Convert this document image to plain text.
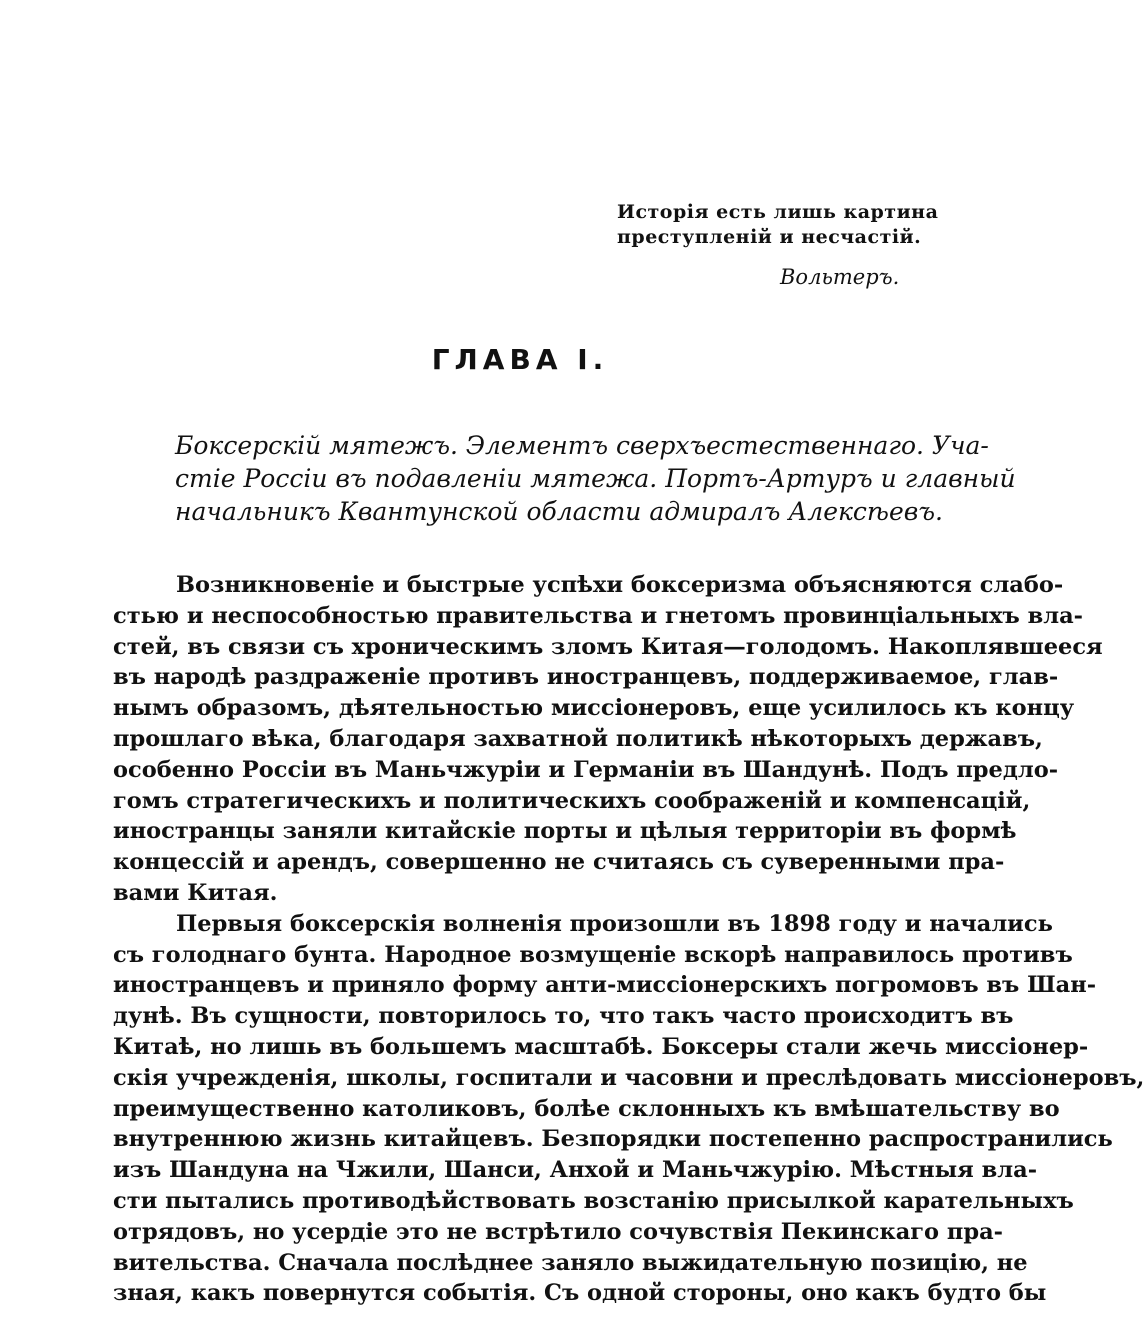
Исторія есть лишь картина
преступленій и несчастій.
Вольтеръ.
ГЛАВА I.
Боксерскій мятежъ. Элементъ сверхъестественнаго. Уча-
стіе Россіи въ подавленіи мятежа. Портъ-Артуръ и главный
начальникъ Квантунской области адмиралъ Алексѣевъ.
Возникновеніе и быстрые успѣхи боксеризма объясняются слабо-
стью и неспособностью правительства и гнетомъ провинціальныхъ вла-
стей, въ связи съ хроническимъ зломъ Китая—голодомъ. Накоплявшееся
въ народѣ раздраженіе противъ иностранцевъ, поддерживаемое, глав-
нымъ образомъ, дѣятельностью миссіонеровъ, еще усилилось къ концу
прошлаго вѣка, благодаря захватной политикѣ нѣкоторыхъ державъ,
особенно Россіи въ Маньчжуріи и Германіи въ Шандунѣ. Подъ предло-
гомъ стратегическихъ и политическихъ соображеній и компенсацій,
иностранцы заняли китайскіе порты и цѣлыя территоріи въ формѣ
концессій и арендъ, совершенно не считаясь съ суверенными пра-
вами Китая.
Первыя боксерскія волненія произошли въ 1898 году и начались
съ голоднаго бунта. Народное возмущеніе вскорѣ направилось противъ
иностранцевъ и приняло форму анти-миссіонерскихъ погромовъ въ Шан-
дунѣ. Въ сущности, повторилось то, что такъ часто происходитъ въ
Китаѣ, но лишь въ большемъ масштабѣ. Боксеры стали жечь миссіонер-
скія учрежденія, школы, госпитали и часовни и преслѣдовать миссіонеровъ,
преимущественно католиковъ, болѣе склонныхъ къ вмѣшательству во
внутреннюю жизнь китайцевъ. Безпорядки постепенно распространились
изъ Шандуна на Чжили, Шанси, Анхой и Маньчжурію. Мѣстныя вла-
сти пытались противодѣйствовать возстанію присылкой карательныхъ
отрядовъ, но усердіе это не встрѣтило сочувствія Пекинскаго пра-
вительства. Сначала послѣднее заняло выжидательную позицію, не
зная, какъ повернутся событія. Съ одной стороны, оно какъ будто бы
